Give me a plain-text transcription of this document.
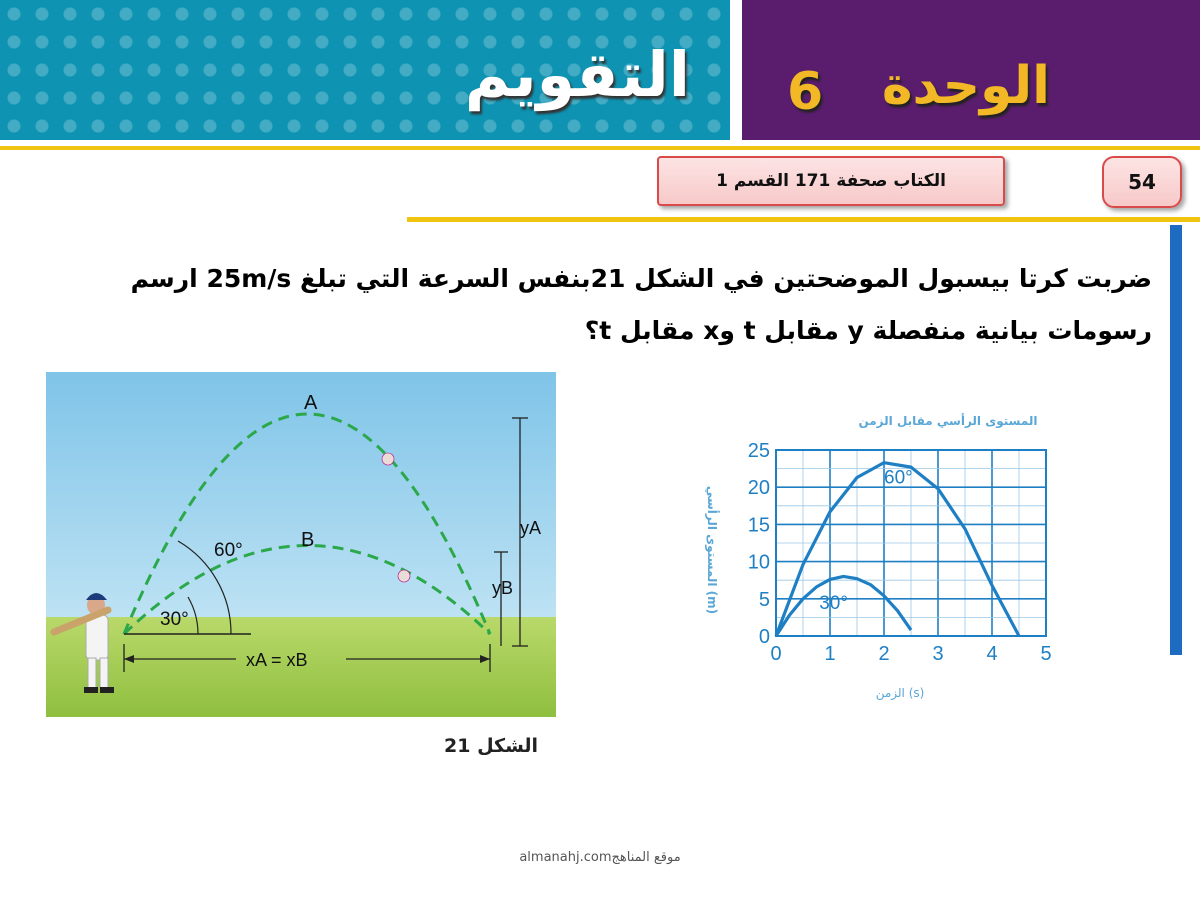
التقويم	الوحدة
6
الكتاب صحفة 171 القسم 1	54

ضربت كرتا بيسبول الموضحتين في الشكل 21بنفس السرعة التي تبلغ 25m/s ارسم

رسومات بيانية منفصلة y مقابل t وx مقابل t؟

60°
30°
A
B
yA
yB
xA = xB
الشكل 21
المستوى الرأسي مقابل الزمن
المستوى الرأسي (m)
الزمن (s)
0 1 2 3 4 5
0
5
10
15
20
25
60°
30°
موقع المناهجalmanahj.com
